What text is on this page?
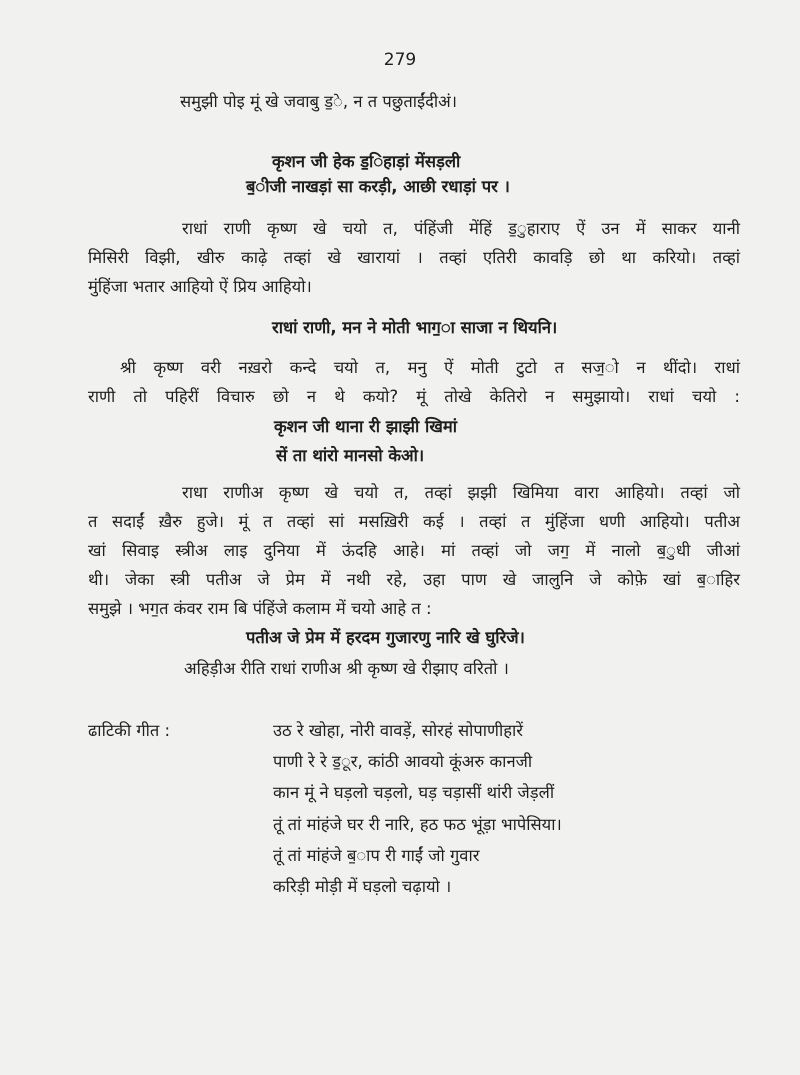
279
समुझी पोइ मूं खे जवाबु ड॒े, न त पछुताईंदीअं।
कृशन जी हेक ड॒िहाड़ां मेंसड़ली
ब॒ीजी नाखड़ां सा करड़ी, आछी रधाड़ां पर ।
राधां राणी कृष्ण खे चयो त, पंहिंजी मेंहिं ड॒ुहाराए ऐं उन में साकर यानी
मिसिरी विझी, खीरु काढ़े तव्हां खे खारायां । तव्हां एतिरी कावड़ि छो था करियो। तव्हां
मुंहिंजा भतार आहियो ऐं प्रिय आहियो।
राधां राणी, मन ने मोती भाग॒ा साजा न थियनि।
श्री कृष्ण वरी नख़रो कन्दे चयो त, मनु ऐं मोती टुटो त सज॒ो न थींदो। राधां
राणी तो पहिरीं विचारु छो न थे कयो? मूं तोखे केतिरो न समुझायो। राधां चयो :
कृशन जी थाना री झाझी खिमां
सें ता थांरो मानसो केओ।
राधा राणीअ कृष्ण खे चयो त, तव्हां झझी खिमिया वारा आहियो। तव्हां जो
त सदाईं ख़ैरु हुजे। मूं त तव्हां सां मसख़िरी कई । तव्हां त मुंहिंजा धणी आहियो। पतीअ
खां सिवाइ स्त्रीअ लाइ दुनिया में ऊंदहि आहे। मां तव्हां जो जग॒ में नालो ब॒ुधी जीआं
थी। जेका स्त्री पतीअ जे प्रेम में नथी रहे, उहा पाण खे जालुनि जे कोफ़े खां ब॒ाहिर
समुझे । भग॒त कंवर राम बि पंहिंजे कलाम में चयो आहे त :
पतीअ जे प्रेम में हरदम गुजारणु नारि खे घुरिजे।
अहिड़ीअ रीति राधां राणीअ श्री कृष्ण खे रीझाए वरितो ।
ढाटिकी गीत :	उठ रे खोहा, नोरी वावड़ें, सोरहं सोपाणीहारें
पाणी रे रे ड॒ूर, कांठी आवयो कूंअरु कानजी
कान मूं ने घड़लो चड़लो, घड़ चड़ासीं थांरी जेड़लीं
तूं तां मांहंजे घर री नारि, हठ फठ भूंड़ा भापेसिया।
तूं तां मांहंजे ब॒ाप री गाईं जो गुवार
करिड़ी मोड़ी में घड़लो चढ़ायो ।
